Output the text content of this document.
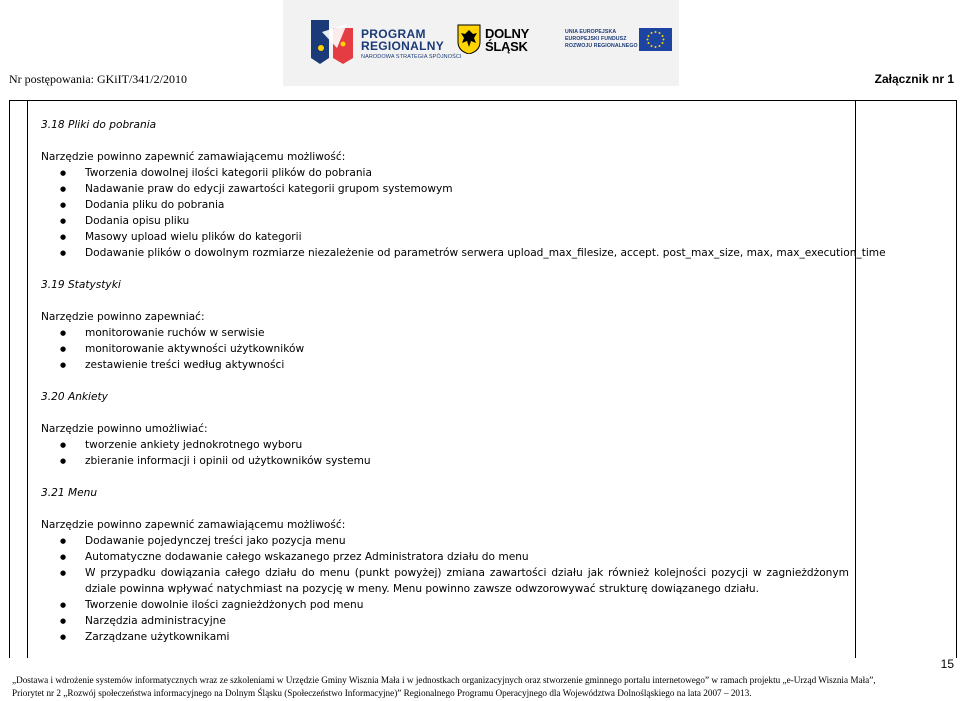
PROGRAM
REGIONALNY
NARODOWA STRATEGIA SPÓJNOŚCI
DOLNY
ŚLĄSK
UNIA EUROPEJSKA
EUROPEJSKI FUNDUSZ
ROZWOJU REGIONALNEGO
Nr postępowania: GKiIT/341/2/2010	Załącznik nr 1

3.18 Pliki do pobrania

Narzędzie powinno zapewnić zamawiającemu możliwość:

● Tworzenia dowolnej ilości kategorii plików do pobrania
● Nadawanie praw do edycji zawartości kategorii grupom systemowym
● Dodania pliku do pobrania
● Dodania opisu pliku
● Masowy upload wielu plików do kategorii
● Dodawanie plików o dowolnym rozmiarze niezależenie od parametrów serwera upload_max_filesize, accept. post_max_size, max, max_execution_time

3.19 Statystyki

Narzędzie powinno zapewniać:

● monitorowanie ruchów w serwisie
● monitorowanie aktywności użytkowników
● zestawienie treści według aktywności

3.20 Ankiety

Narzędzie powinno umożliwiać:

● tworzenie ankiety jednokrotnego wyboru
● zbieranie informacji i opinii od użytkowników systemu

3.21 Menu

Narzędzie powinno zapewnić zamawiającemu możliwość:

● Dodawanie pojedynczej treści jako pozycja menu
● Automatyczne dodawanie całego wskazanego przez Administratora działu do menu
● W przypadku dowiązania całego działu do menu (punkt powyżej) zmiana zawartości działu jak również kolejności pozycji w zagnieżdżonym dziale powinna wpływać natychmiast na pozycję w meny. Menu powinno zawsze odwzorowywać strukturę dowiązanego działu.
● Tworzenie dowolnie ilości zagnieżdżonych pod menu
● Narzędzia administracyjne
● Zarządzane użytkownikami
15
„Dostawa i wdrożenie systemów informatycznych wraz ze szkoleniami w Urzędzie Gminy Wisznia Mała i w jednostkach organizacyjnych oraz stworzenie gminnego portalu internetowego” w ramach projektu „e-Urząd Wisznia Mała”,
Priorytet nr 2 „Rozwój społeczeństwa informacyjnego na Dolnym Śląsku (Społeczeństwo Informacyjne)” Regionalnego Programu Operacyjnego dla Województwa Dolnośląskiego na lata 2007 – 2013.
